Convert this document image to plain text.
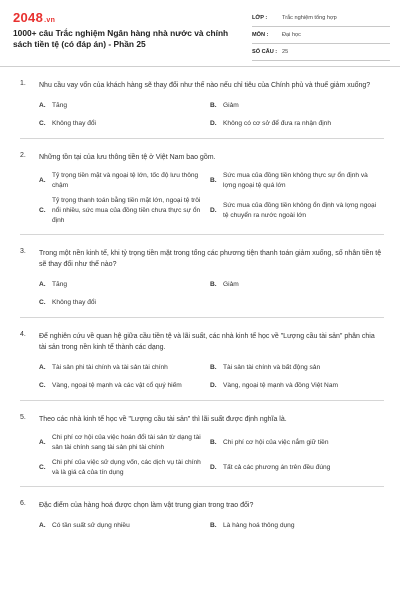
2048.vn
1000+ câu Trắc nghiệm Ngân hàng nhà nước và chính sách tiền tệ (có đáp án) - Phần 25
LỚP :	Trắc nghiệm tổng hợp
MÔN :	Đại học
SỐ CÂU : 25
1. Nhu cầu vay vốn của khách hàng sẽ thay đổi như thế nào nếu chỉ tiêu của Chính phủ và thuế giảm xuống?
A. Tăng	B. Giảm
C. Không thay đổi	D. Không có cơ sở để đưa ra nhận định
2. Những tồn tại của lưu thông tiền tệ ở Việt Nam bao gồm.
A.
Tỷ trọng tiền mặt và ngoại tệ lớn, tốc độ lưu thông chậm
B.
Sức mua của đồng tiền không thực sự ổn định và lợng ngoại tệ quá lớn
C.
Tỷ trọng thanh toán bằng tiền mặt lớn, ngoại tệ trôi nổi nhiều, sức mua của đồng tiền chưa thực sự ổn định
D.
Sức mua của đồng tiền không ổn định và lợng ngoại tệ chuyển ra nước ngoài lớn
3. Trong một nền kinh tế, khi tỷ trọng tiền mặt trong tổng các phương tiện thanh toán giảm xuống, số nhân tiền tệ sẽ thay đổi như thế nào?
A. Tăng	B. Giảm
C. Không thay đổi
4. Để nghiên cứu về quan hệ giữa cầu tiền tệ và lãi suất, các nhà kinh tế học về "Lượng cầu tài sản" phân chia tài sản trong nền kinh tế thành các dạng.
A. Tài sản phi tài chính và tài sản tài chính	B. Tài sản tài chính và bất động sản
C. Vàng, ngoại tệ mạnh và các vật cổ quý hiếm	D. Vàng, ngoại tệ mạnh và đồng Việt Nam
5. Theo các nhà kinh tế học về "Lượng cầu tài sản" thì lãi suất được định nghĩa là.
A.
Chi phí cơ hội của việc hoán đổi tài sản từ dạng tài sản tài chính sang tài sản phi tài chính
B. Chi phí cơ hội của việc nắm giữ tiền
C.
Chi phí của việc sử dụng vốn, các dịch vụ tài chính và là giá cả của tín dụng
D. Tất cả các phương án trên đều đúng
6. Đặc điểm của hàng hoá được chọn làm vật trung gian trong trao đổi?
A. Có tần suất sử dụng nhiều	B. Là hàng hoá thông dụng
